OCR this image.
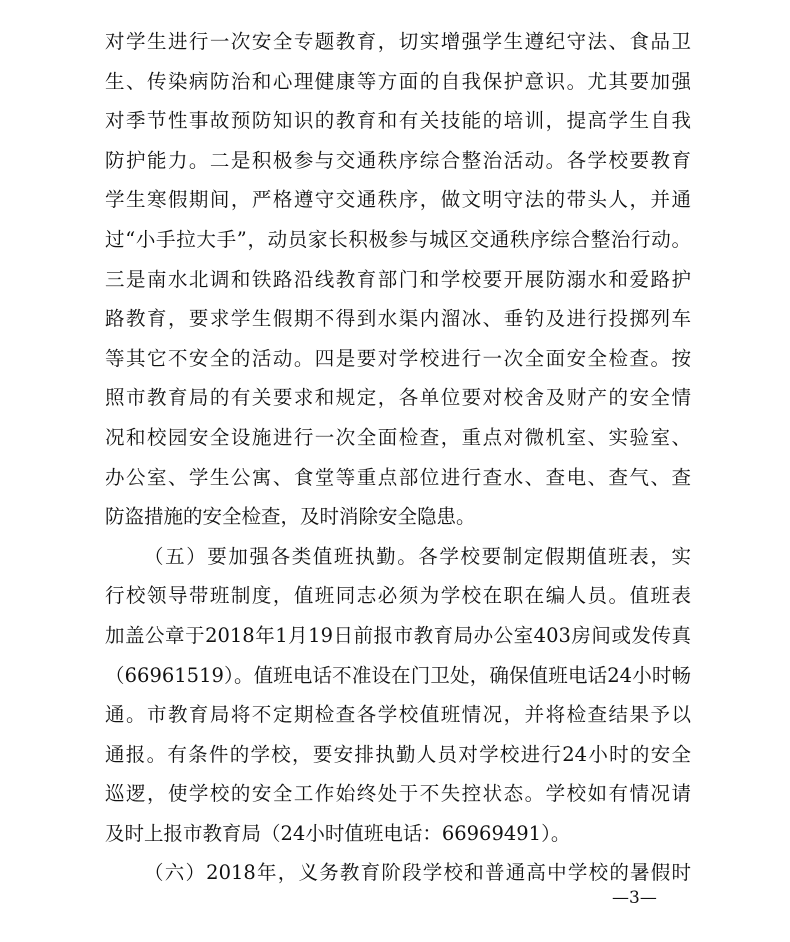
对学生进行一次安全专题教育，切实增强学生遵纪守法、食品卫
生、传染病防治和心理健康等方面的自我保护意识。尤其要加强
对季节性事故预防知识的教育和有关技能的培训，提高学生自我
防护能力。二是积极参与交通秩序综合整治活动。各学校要教育
学生寒假期间，严格遵守交通秩序，做文明守法的带头人，并通
过“小手拉大手”，动员家长积极参与城区交通秩序综合整治行动。
三是南水北调和铁路沿线教育部门和学校要开展防溺水和爱路护
路教育，要求学生假期不得到水渠内溜冰、垂钓及进行投掷列车
等其它不安全的活动。四是要对学校进行一次全面安全检查。按
照市教育局的有关要求和规定，各单位要对校舍及财产的安全情
况和校园安全设施进行一次全面检查，重点对微机室、实验室、
办公室、学生公寓、食堂等重点部位进行查水、查电、查气、查
防盗措施的安全检查，及时消除安全隐患。
（五）要加强各类值班执勤。各学校要制定假期值班表，实
行校领导带班制度，值班同志必须为学校在职在编人员。值班表
加盖公章于2018年1月19日前报市教育局办公室403房间或发传真
（66961519）。值班电话不准设在门卫处，确保值班电话24小时畅
通。市教育局将不定期检查各学校值班情况，并将检查结果予以
通报。有条件的学校，要安排执勤人员对学校进行24小时的安全
巡逻，使学校的安全工作始终处于不失控状态。学校如有情况请
及时上报市教育局（24小时值班电话：66969491）。
（六）2018年，义务教育阶段学校和普通高中学校的暑假时
—3—
